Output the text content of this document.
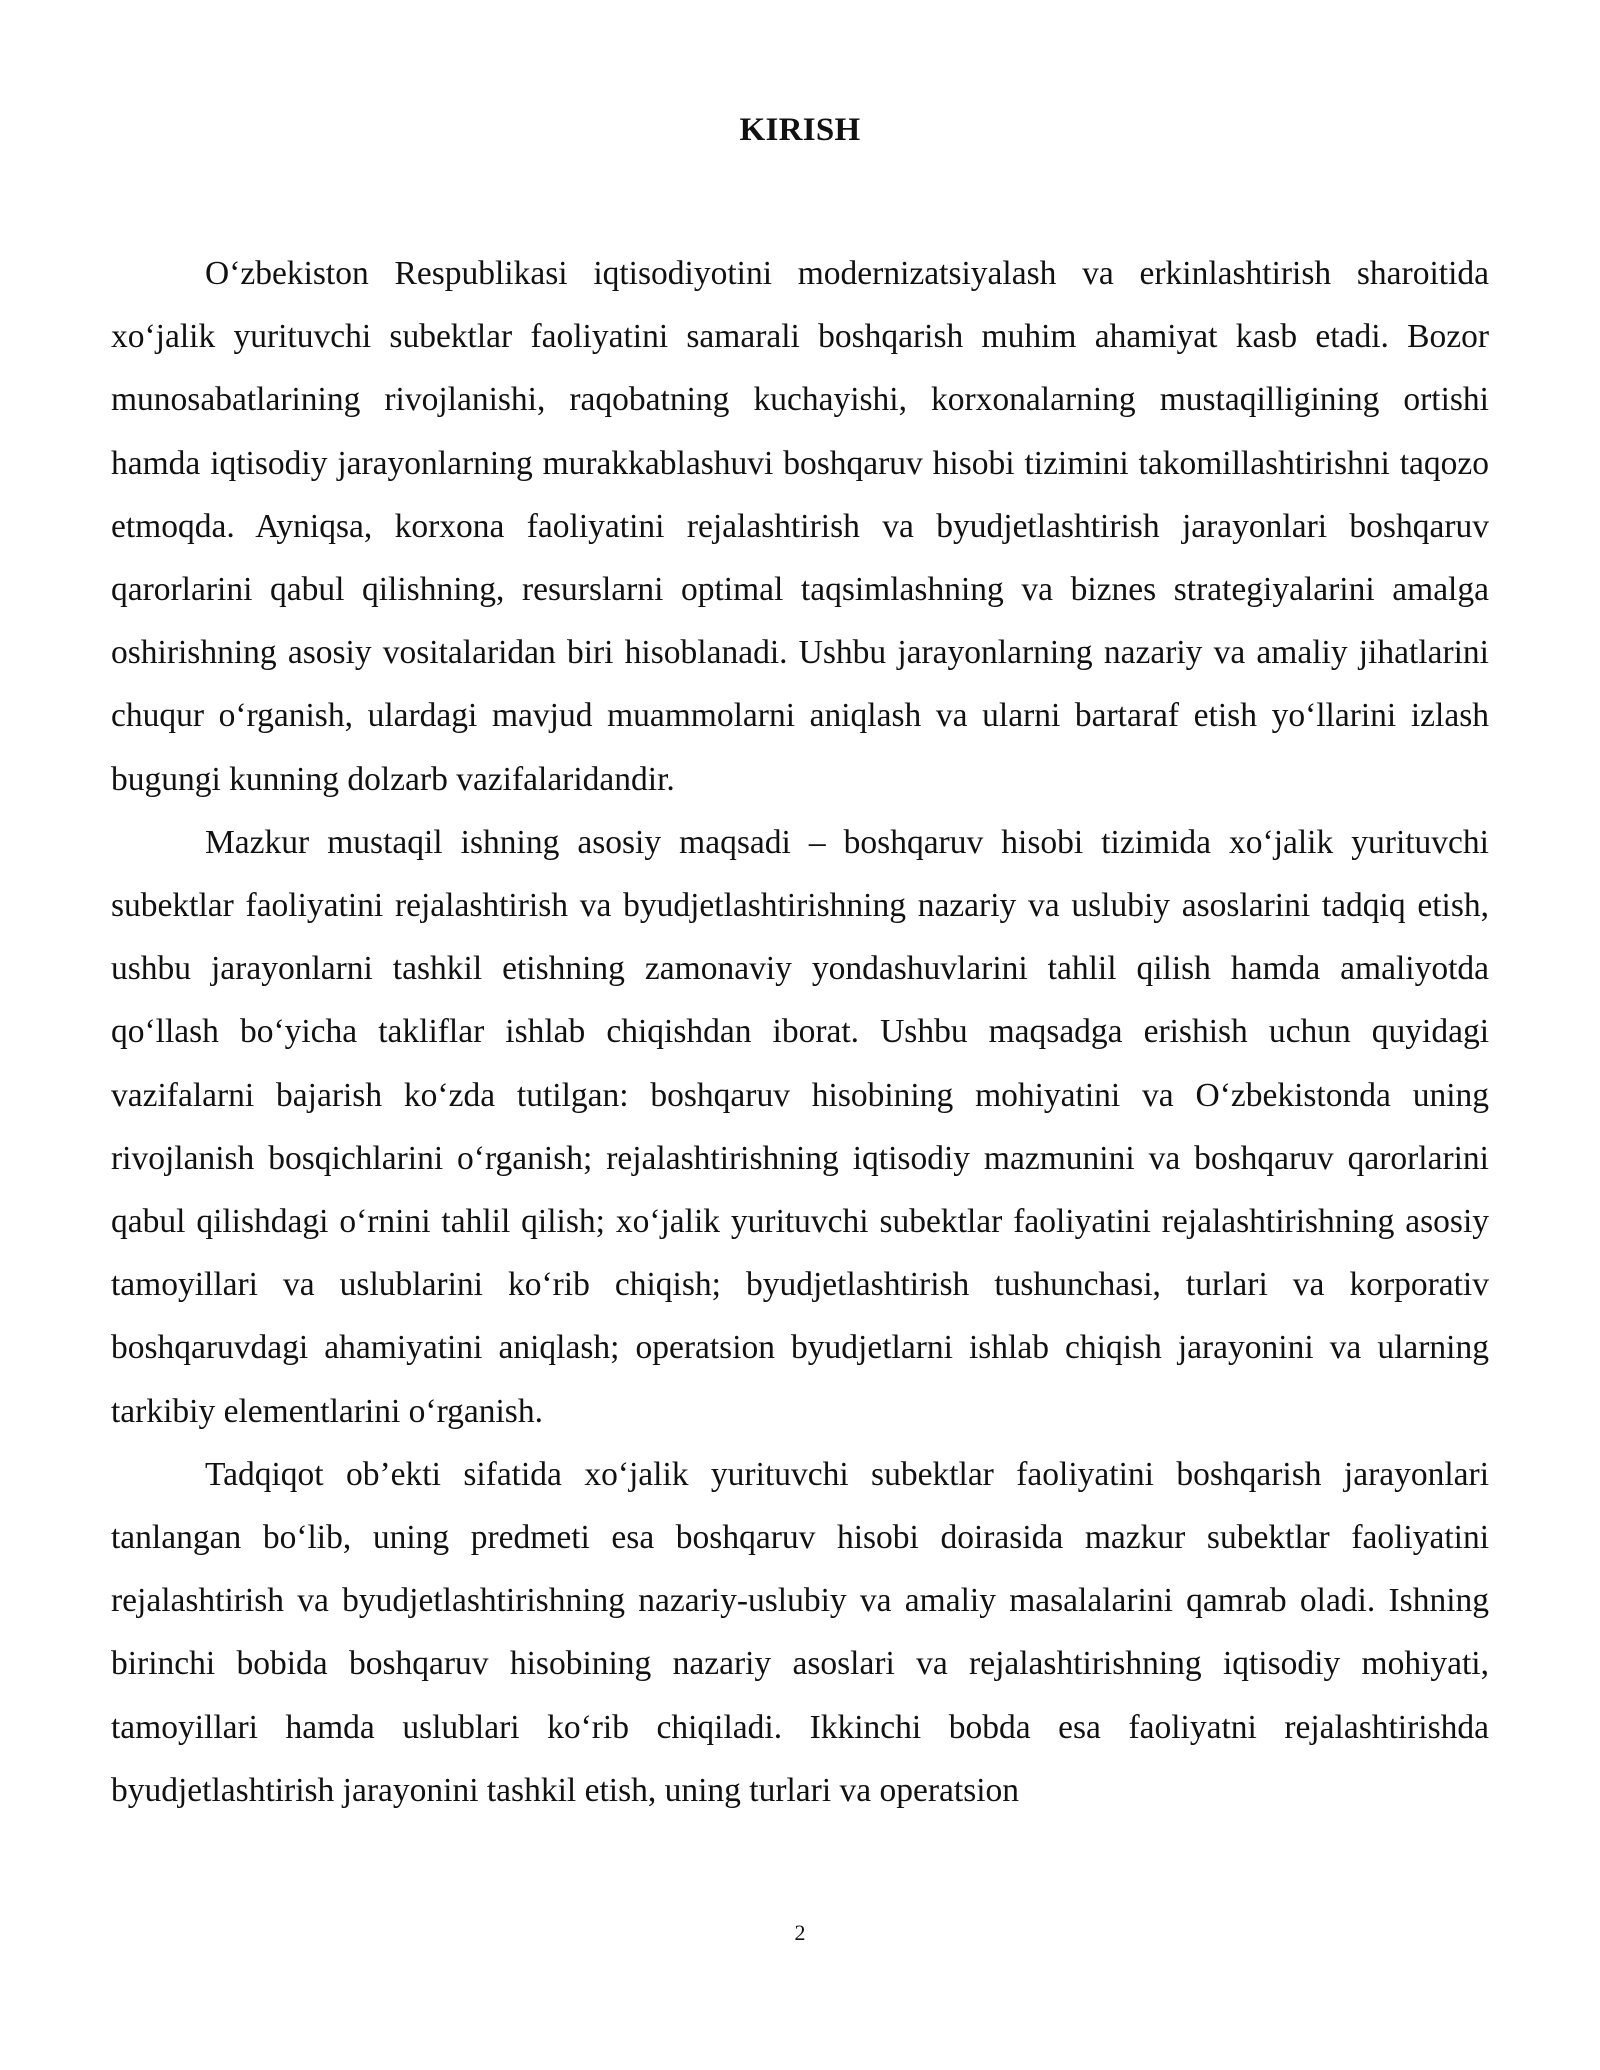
KIRISH

O‘zbekiston Respublikasi iqtisodiyotini modernizatsiyalash va erkinlashtirish sharoitida xo‘jalik yurituvchi subektlar faoliyatini samarali boshqarish muhim ahamiyat kasb etadi. Bozor munosabatlarining rivojlanishi, raqobatning kuchayishi, korxonalarning mustaqilligining ortishi hamda iqtisodiy jarayonlarning murakkablashuvi boshqaruv hisobi tizimini takomillashtirishni taqozo etmoqda. Ayniqsa, korxona faoliyatini rejalashtirish va byudjetlashtirish jarayonlari boshqaruv qarorlarini qabul qilishning, resurslarni optimal taqsimlashning va biznes strategiyalarini amalga oshirishning asosiy vositalaridan biri hisoblanadi. Ushbu jarayonlarning nazariy va amaliy jihatlarini chuqur o‘rganish, ulardagi mavjud muammolarni aniqlash va ularni bartaraf etish yo‘llarini izlash bugungi kunning dolzarb vazifalaridandir.

Mazkur mustaqil ishning asosiy maqsadi – boshqaruv hisobi tizimida xo‘jalik yurituvchi subektlar faoliyatini rejalashtirish va byudjetlashtirishning nazariy va uslubiy asoslarini tadqiq etish, ushbu jarayonlarni tashkil etishning zamonaviy yondashuvlarini tahlil qilish hamda amaliyotda qo‘llash bo‘yicha takliflar ishlab chiqishdan iborat. Ushbu maqsadga erishish uchun quyidagi vazifalarni bajarish ko‘zda tutilgan: boshqaruv hisobining mohiyatini va O‘zbekistonda uning rivojlanish bosqichlarini o‘rganish; rejalashtirishning iqtisodiy mazmunini va boshqaruv qarorlarini qabul qilishdagi o‘rnini tahlil qilish; xo‘jalik yurituvchi subektlar faoliyatini rejalashtirishning asosiy tamoyillari va uslublarini ko‘rib chiqish; byudjetlashtirish tushunchasi, turlari va korporativ boshqaruvdagi ahamiyatini aniqlash; operatsion byudjetlarni ishlab chiqish jarayonini va ularning tarkibiy elementlarini o‘rganish.

Tadqiqot ob’ekti sifatida xo‘jalik yurituvchi subektlar faoliyatini boshqarish jarayonlari tanlangan bo‘lib, uning predmeti esa boshqaruv hisobi doirasida mazkur subektlar faoliyatini rejalashtirish va byudjetlashtirishning nazariy-uslubiy va amaliy masalalarini qamrab oladi. Ishning birinchi bobida boshqaruv hisobining nazariy asoslari va rejalashtirishning iqtisodiy mohiyati, tamoyillari hamda uslublari ko‘rib chiqiladi. Ikkinchi bobda esa faoliyatni rejalashtirishda byudjetlashtirish jarayonini tashkil etish, uning turlari va operatsion

2
